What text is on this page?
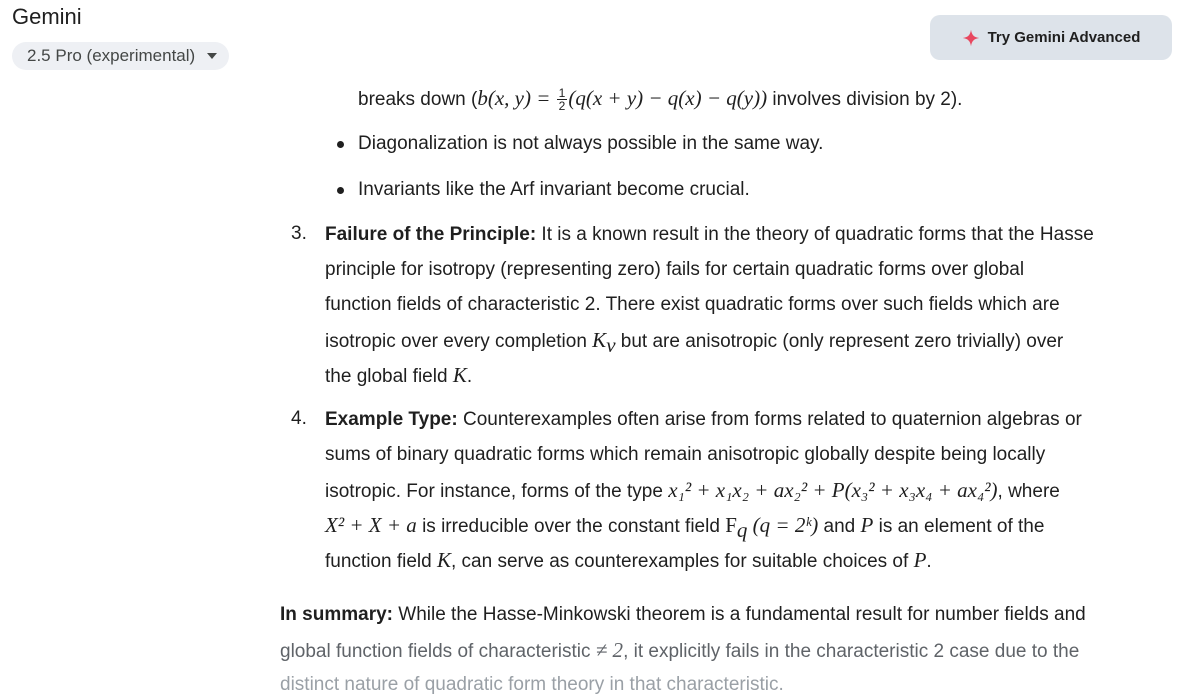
Gemini
2.5 Pro (experimental)
Try Gemini Advanced
breaks down (b(x, $y) = \frac{1}{2} (q(x + y) - q(x) - q(y))$ involves division by 2).
Diagonalization is not always possible in the same way.
Invariants like the Arf invariant become crucial.
3. Failure of the Principle: It is a known result in the theory of quadratic forms that the Hasse
principle for isotropy (representing zero) fails for certain quadratic forms over global
function fields of characteristic 2. There exist quadratic forms over such fields which are
isotropic over every completion $K_v$ but are anisotropic (only represent zero trivially) over
the global field K.
4. Example Type: Counterexamples often arise from forms related to quaternion algebras or
sums of binary quadratic forms which remain anisotropic globally despite being locally
isotropic. For instance, forms of the type x₁² + x₁x₂ + ax₂² + P(x₃² + x₃x₄ + ax₄²), where
X² + X + a is irreducible over the constant field $F_q$ (q = 2ᵏ) and P is an element of the
function field K, can serve as counterexamples for suitable choices of P.
In summary: While the Hasse-Minkowski theorem is a fundamental result for number fields and
global function fields of characteristic ≠ 2, it explicitly fails in the characteristic 2 case due to the
distinct nature of quadratic form theory in that characteristic.
